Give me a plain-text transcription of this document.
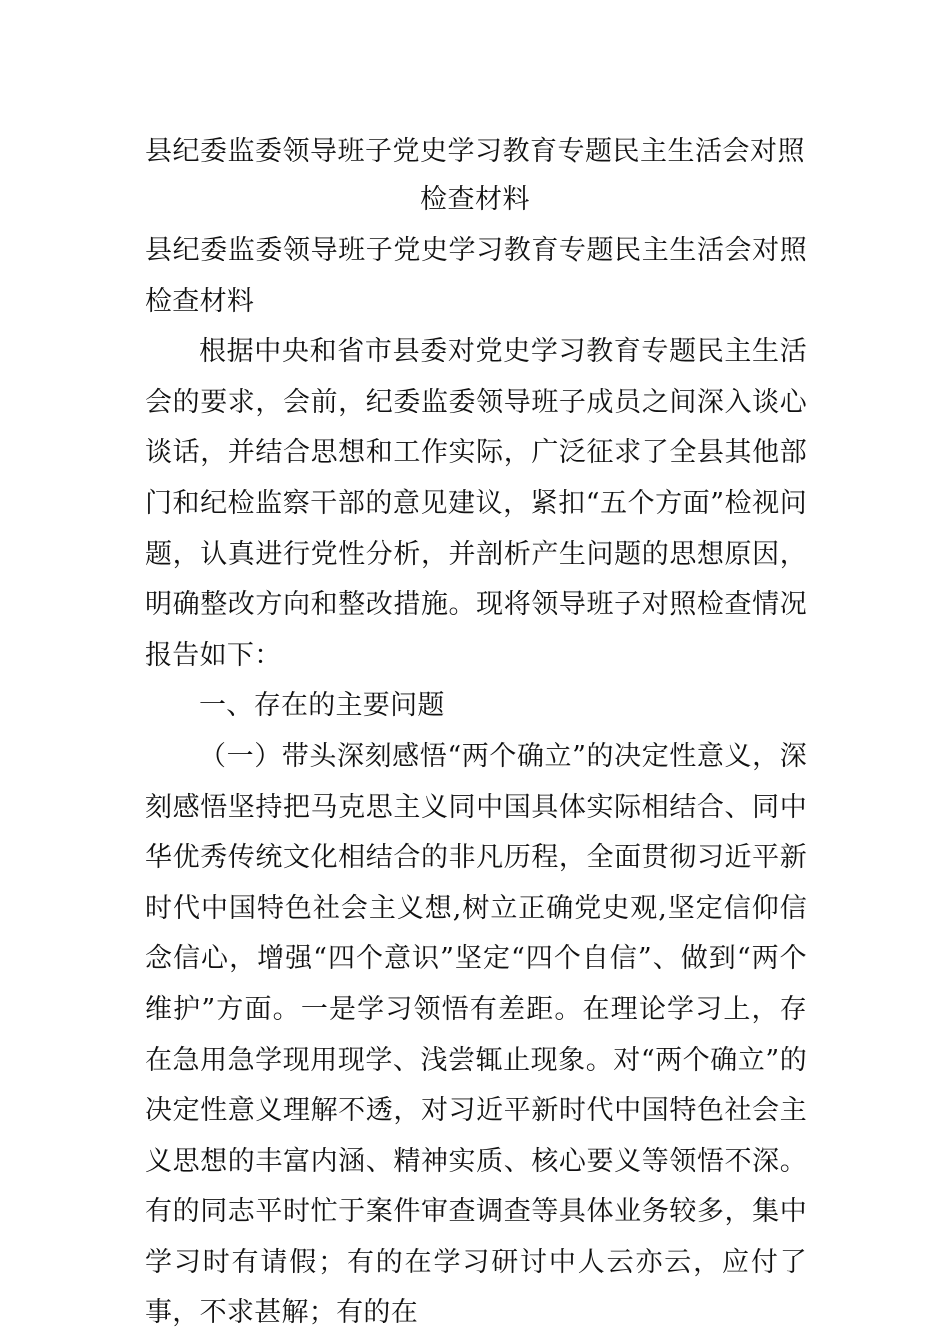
县纪委监委领导班子党史学习教育专题民主生活会对照检查材料

县纪委监委领导班子党史学习教育专题民主生活会对照检查材料

根据中央和省市县委对党史学习教育专题民主生活会的要求，会前，纪委监委领导班子成员之间深入谈心谈话，并结合思想和工作实际，广泛征求了全县其他部门和纪检监察干部的意见建议，紧扣“五个方面”检视问题，认真进行党性分析，并剖析产生问题的思想原因，明确整改方向和整改措施。现将领导班子对照检查情况报告如下：

一、存在的主要问题

（一）带头深刻感悟“两个确立”的决定性意义，深刻感悟坚持把马克思主义同中国具体实际相结合、同中华优秀传统文化相结合的非凡历程，全面贯彻习近平新时代中国特色社会主义想,树立正确党史观,坚定信仰信念信心，增强“四个意识”坚定“四个自信”、做到“两个维护”方面。一是学习领悟有差距。在理论学习上，存在急用急学现用现学、浅尝辄止现象。对“两个确立”的决定性意义理解不透，对习近平新时代中国特色社会主义思想的丰富内涵、精神实质、核心要义等领悟不深。有的同志平时忙于案件审查调查等具体业务较多，集中学习时有请假；有的在学习研讨中人云亦云，应付了事，不求甚解；有的在
